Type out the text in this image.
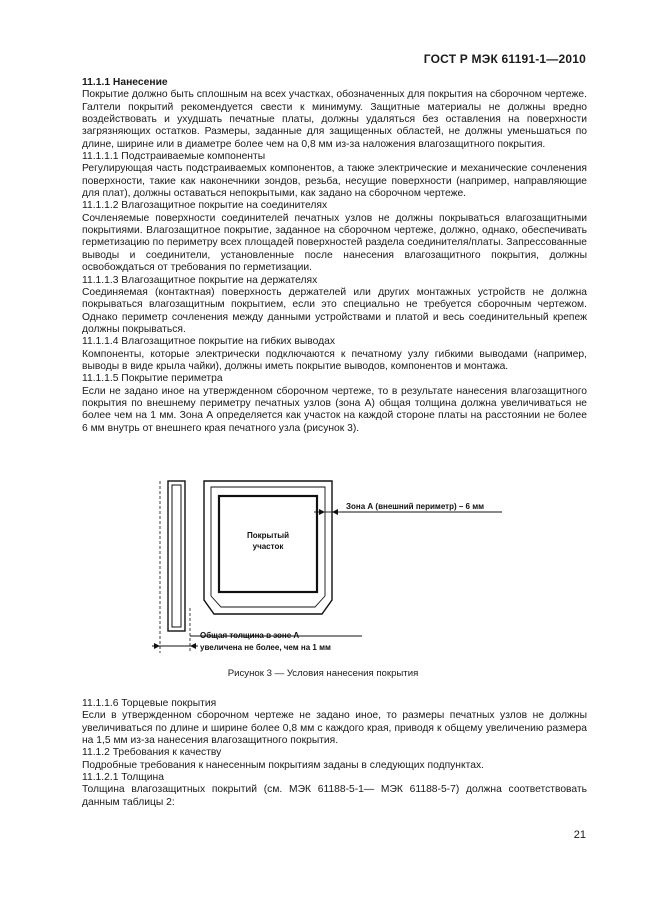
ГОСТ Р МЭК 61191-1—2010

11.1.1 Нанесение

Покрытие должно быть сплошным на всех участках, обозначенных для покрытия на сборочном чертеже. Галтели покрытий рекомендуется свести к минимуму. Защитные материалы не должны вредно воздействовать и ухудшать печатные платы, должны удаляться без оставления на поверхности загрязняющих остатков. Размеры, заданные для защищенных областей, не должны уменьшаться по длине, ширине или в диаметре более чем на 0,8 мм из-за наложения влагозащитного покрытия.

11.1.1.1 Подстраиваемые компоненты

Регулирующая часть подстраиваемых компонентов, а также электрические и механические сочленения поверхности, такие как наконечники зондов, резьба, несущие поверхности (например, направляющие для плат), должны оставаться непокрытыми, как задано на сборочном чертеже.

11.1.1.2 Влагозащитное покрытие на соединителях

Сочленяемые поверхности соединителей печатных узлов не должны покрываться влагозащитными покрытиями. Влагозащитное покрытие, заданное на сборочном чертеже, должно, однако, обеспечивать герметизацию по периметру всех площадей поверхностей раздела соединителя/платы. Запрессованные выводы и соединители, установленные после нанесения влагозащитного покрытия, должны освобождаться от требования по герметизации.

11.1.1.3 Влагозащитное покрытие на держателях

Соединяемая (контактная) поверхность держателей или других монтажных устройств не должна покрываться влагозащитным покрытием, если это специально не требуется сборочным чертежом. Однако периметр сочленения между данными устройствами и платой и весь соединительный крепеж должны покрываться.

11.1.1.4 Влагозащитное покрытие на гибких выводах

Компоненты, которые электрически подключаются к печатному узлу гибкими выводами (например, выводы в виде крыла чайки), должны иметь покрытие выводов, компонентов и монтажа.

11.1.1.5 Покрытие периметра

Если не задано иное на утвержденном сборочном чертеже, то в результате нанесения влагозащитного покрытия по внешнему периметру печатных узлов (зона А) общая толщина должна увеличиваться не более чем на 1 мм. Зона А определяется как участок на каждой стороне платы на расстоянии не более 6 мм внутрь от внешнего края печатного узла (рисунок 3).

Покрытый
участок
Зона А (внешний периметр) – 6 мм
Общая толщина в зоне А
увеличена не более, чем на 1 мм
Рисунок 3 — Условия нанесения покрытия

11.1.1.6 Торцевые покрытия

Если в утвержденном сборочном чертеже не задано иное, то размеры печатных узлов не должны увеличиваться по длине и ширине более 0,8 мм с каждого края, приводя к общему увеличению размера на 1,5 мм из-за нанесения влагозащитного покрытия.

11.1.2 Требования к качеству

Подробные требования к нанесенным покрытиям заданы в следующих подпунктах.

11.1.2.1 Толщина

Толщина влагозащитных покрытий (см. МЭК 61188-5-1— МЭК 61188-5-7) должна соответствовать данным таблицы 2:

21
